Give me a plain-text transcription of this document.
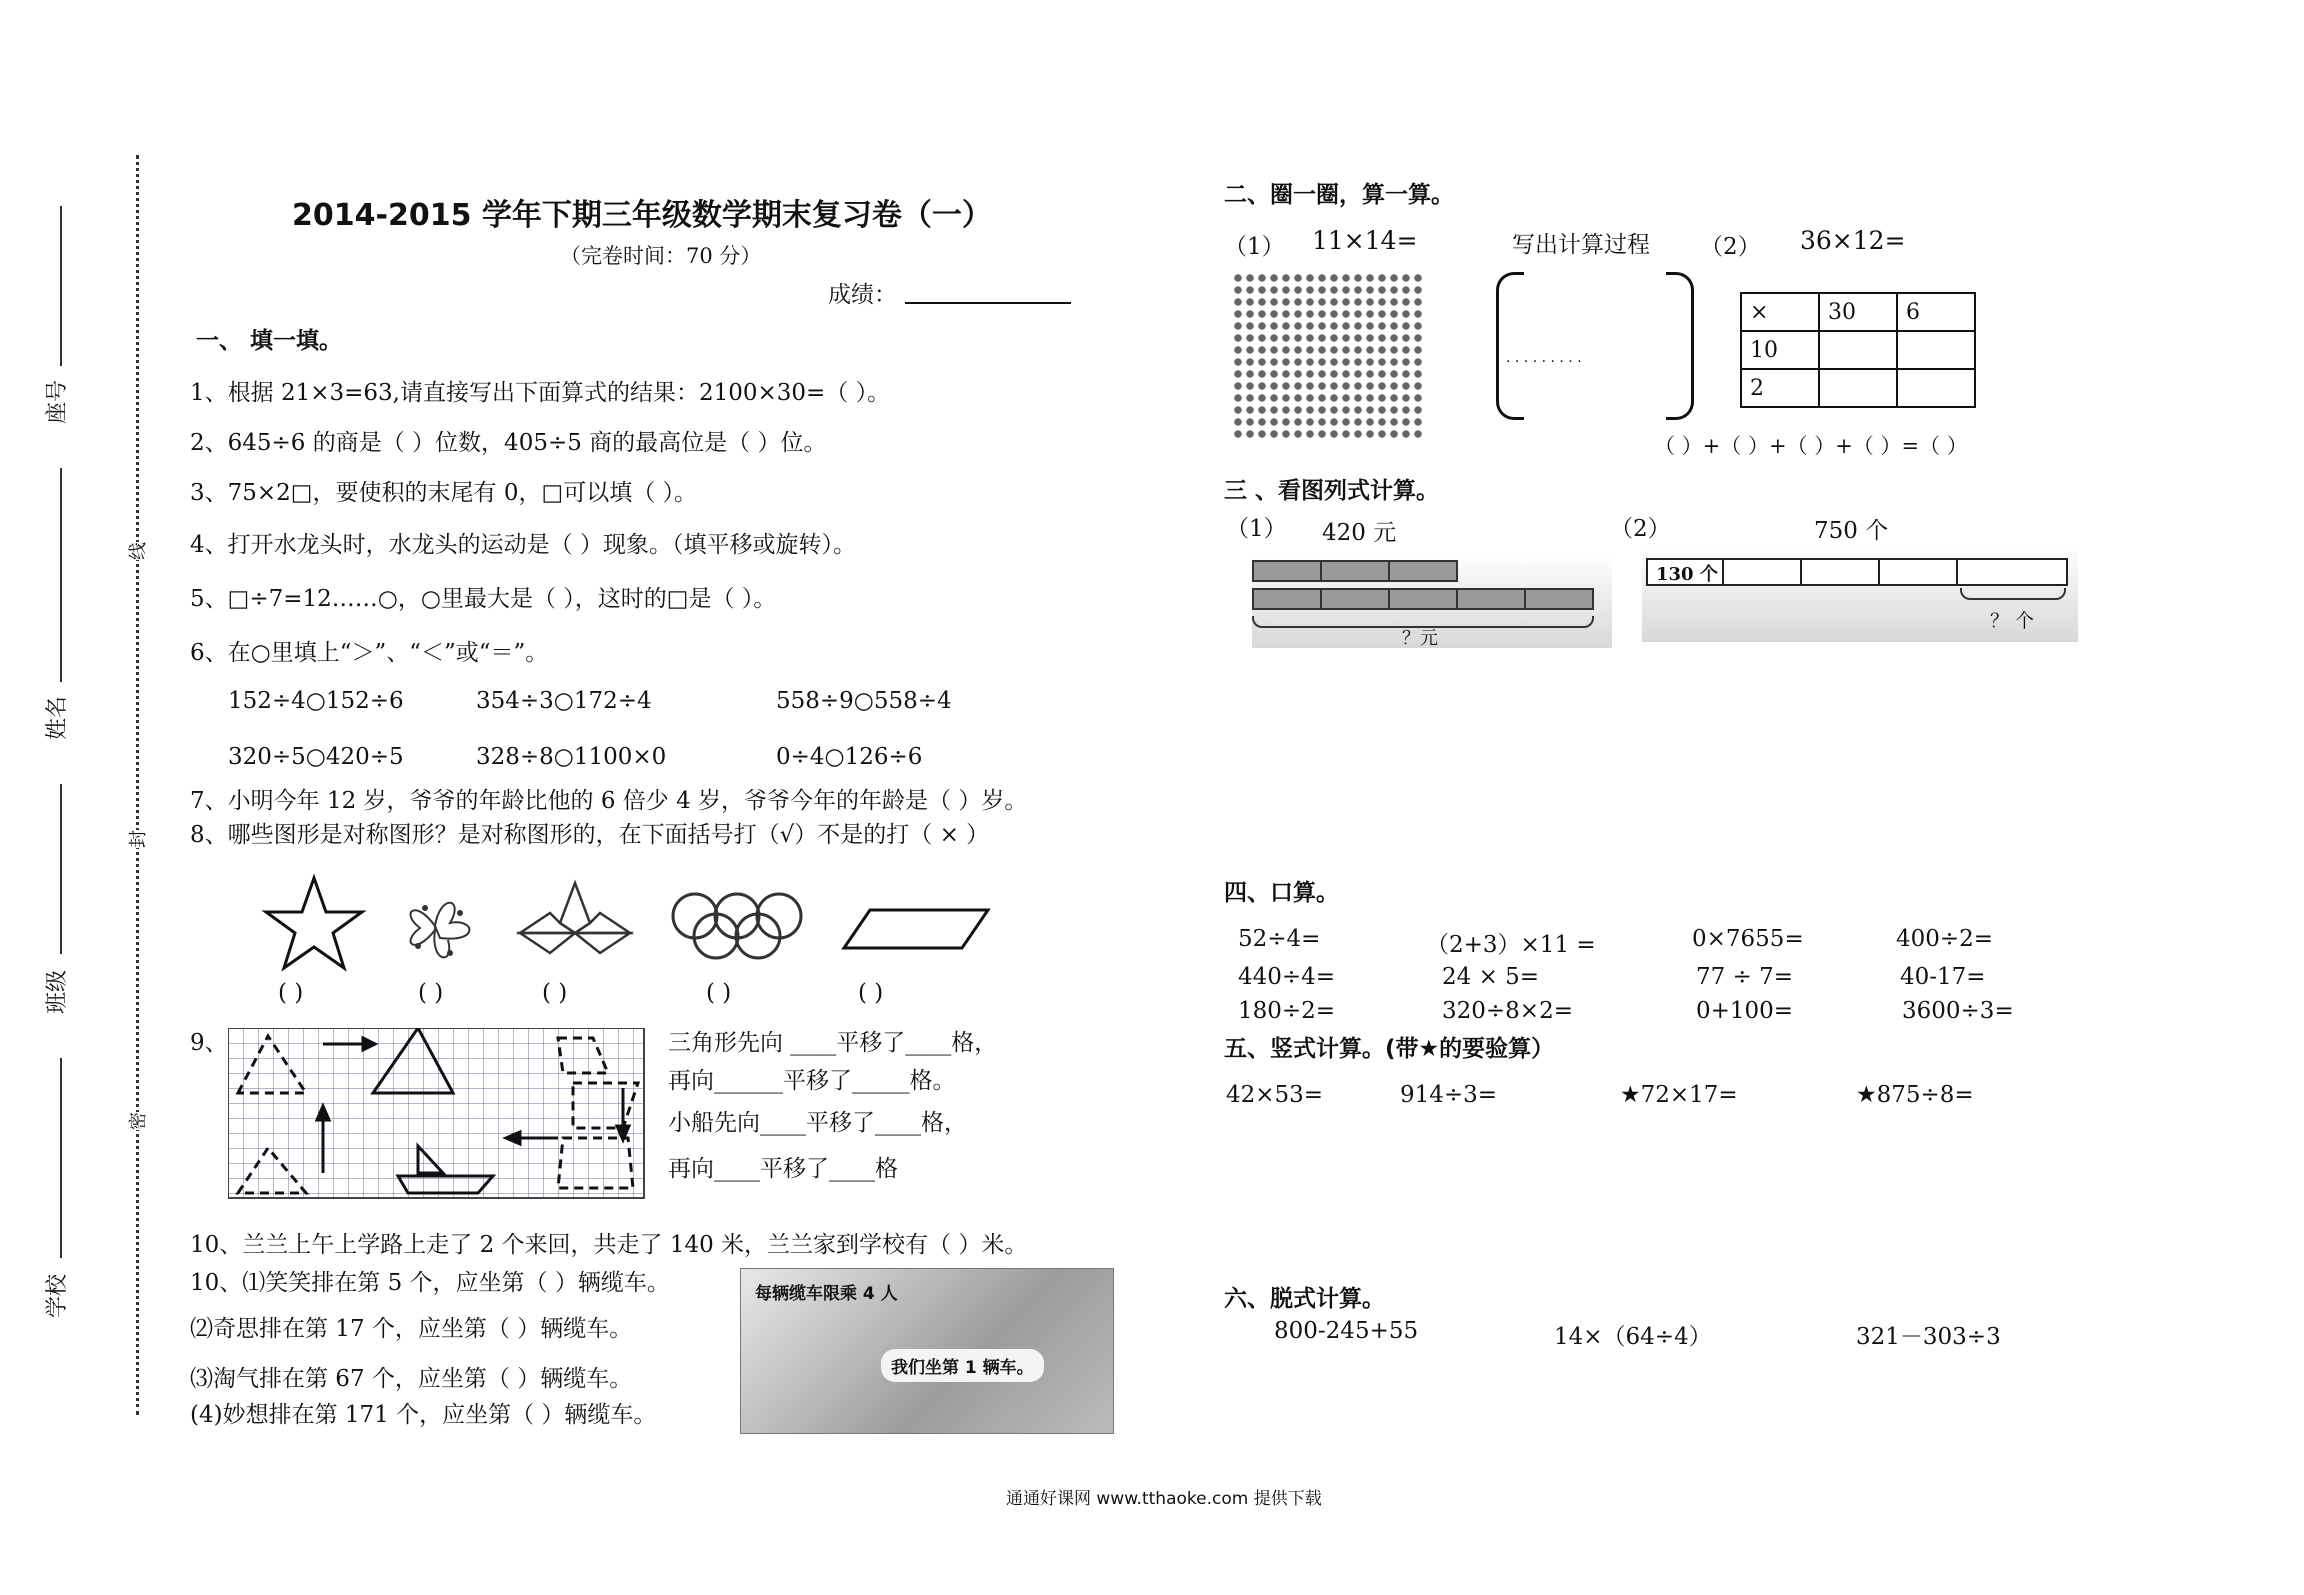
座号
姓名
班级
学校
线
封
密
2014-2015 学年下期三年级数学期末复习卷（一）
（完卷时间：70 分）
成绩：
一、 填一填。
1、根据 21×3=63,请直接写出下面算式的结果：2100×30=（ ）。
2、645÷6 的商是（ ）位数，405÷5 商的最高位是（ ）位。
3、75×2□，要使积的末尾有 0，□可以填（ ）。
4、打开水龙头时，水龙头的运动是（ ）现象。（填平移或旋转）。
5、□÷7=12……○，○里最大是（ ），这时的□是（ ）。
6、在○里填上“＞”、“＜”或“＝”。
152÷4○152÷6	354÷3○172÷4	558÷9○558÷4
320÷5○420÷5	328÷8○1100×0	0÷4○126÷6
7、小明今年 12 岁，爷爷的年龄比他的 6 倍少 4 岁，爷爷今年的年龄是（ ）岁。
8、哪些图形是对称图形？是对称图形的，在下面括号打（√）不是的打（ × ）
( )	( )	( )	( )	( )
9、	三角形先向 ____平移了____格，
再向______平移了_____格。
小船先向____平移了____格，
再向____平移了____格
10、兰兰上午上学路上走了 2 个来回，共走了 140 米，兰兰家到学校有（ ）米。
10、⑴笑笑排在第 5 个，应坐第（ ）辆缆车。
⑵奇思排在第 17 个，应坐第（ ）辆缆车。
⑶淘气排在第 67 个，应坐第（ ）辆缆车。
(4)妙想排在第 171 个，应坐第（ ）辆缆车。
每辆缆车限乘 4 人
我们坐第 1 辆车。
二、圈一圈，算一算。
（1） 11×14=	写出计算过程 （2） 36×12=
· · · · · · · · ·
×	30	6
10		
2		
（ ）+（ ）+（ ）+（ ）=（ ）
三 、看图列式计算。
（1） 420 元
？元
（2）	750 个
130 个
？ 个
四、口算。
52÷4=	（2+3）×11 =	0×7655=	400÷2=
440÷4=	24 × 5=	77 ÷ 7=	40-17=
180÷2=	320÷8×2=	0+100=	3600÷3=
五、竖式计算。(带★的要验算）
42×53=	914÷3=	★72×17=	★875÷8=
六、脱式计算。
800-245+55	14×（64÷4）	321－303÷3
通通好课网 www.tthaoke.com 提供下载
